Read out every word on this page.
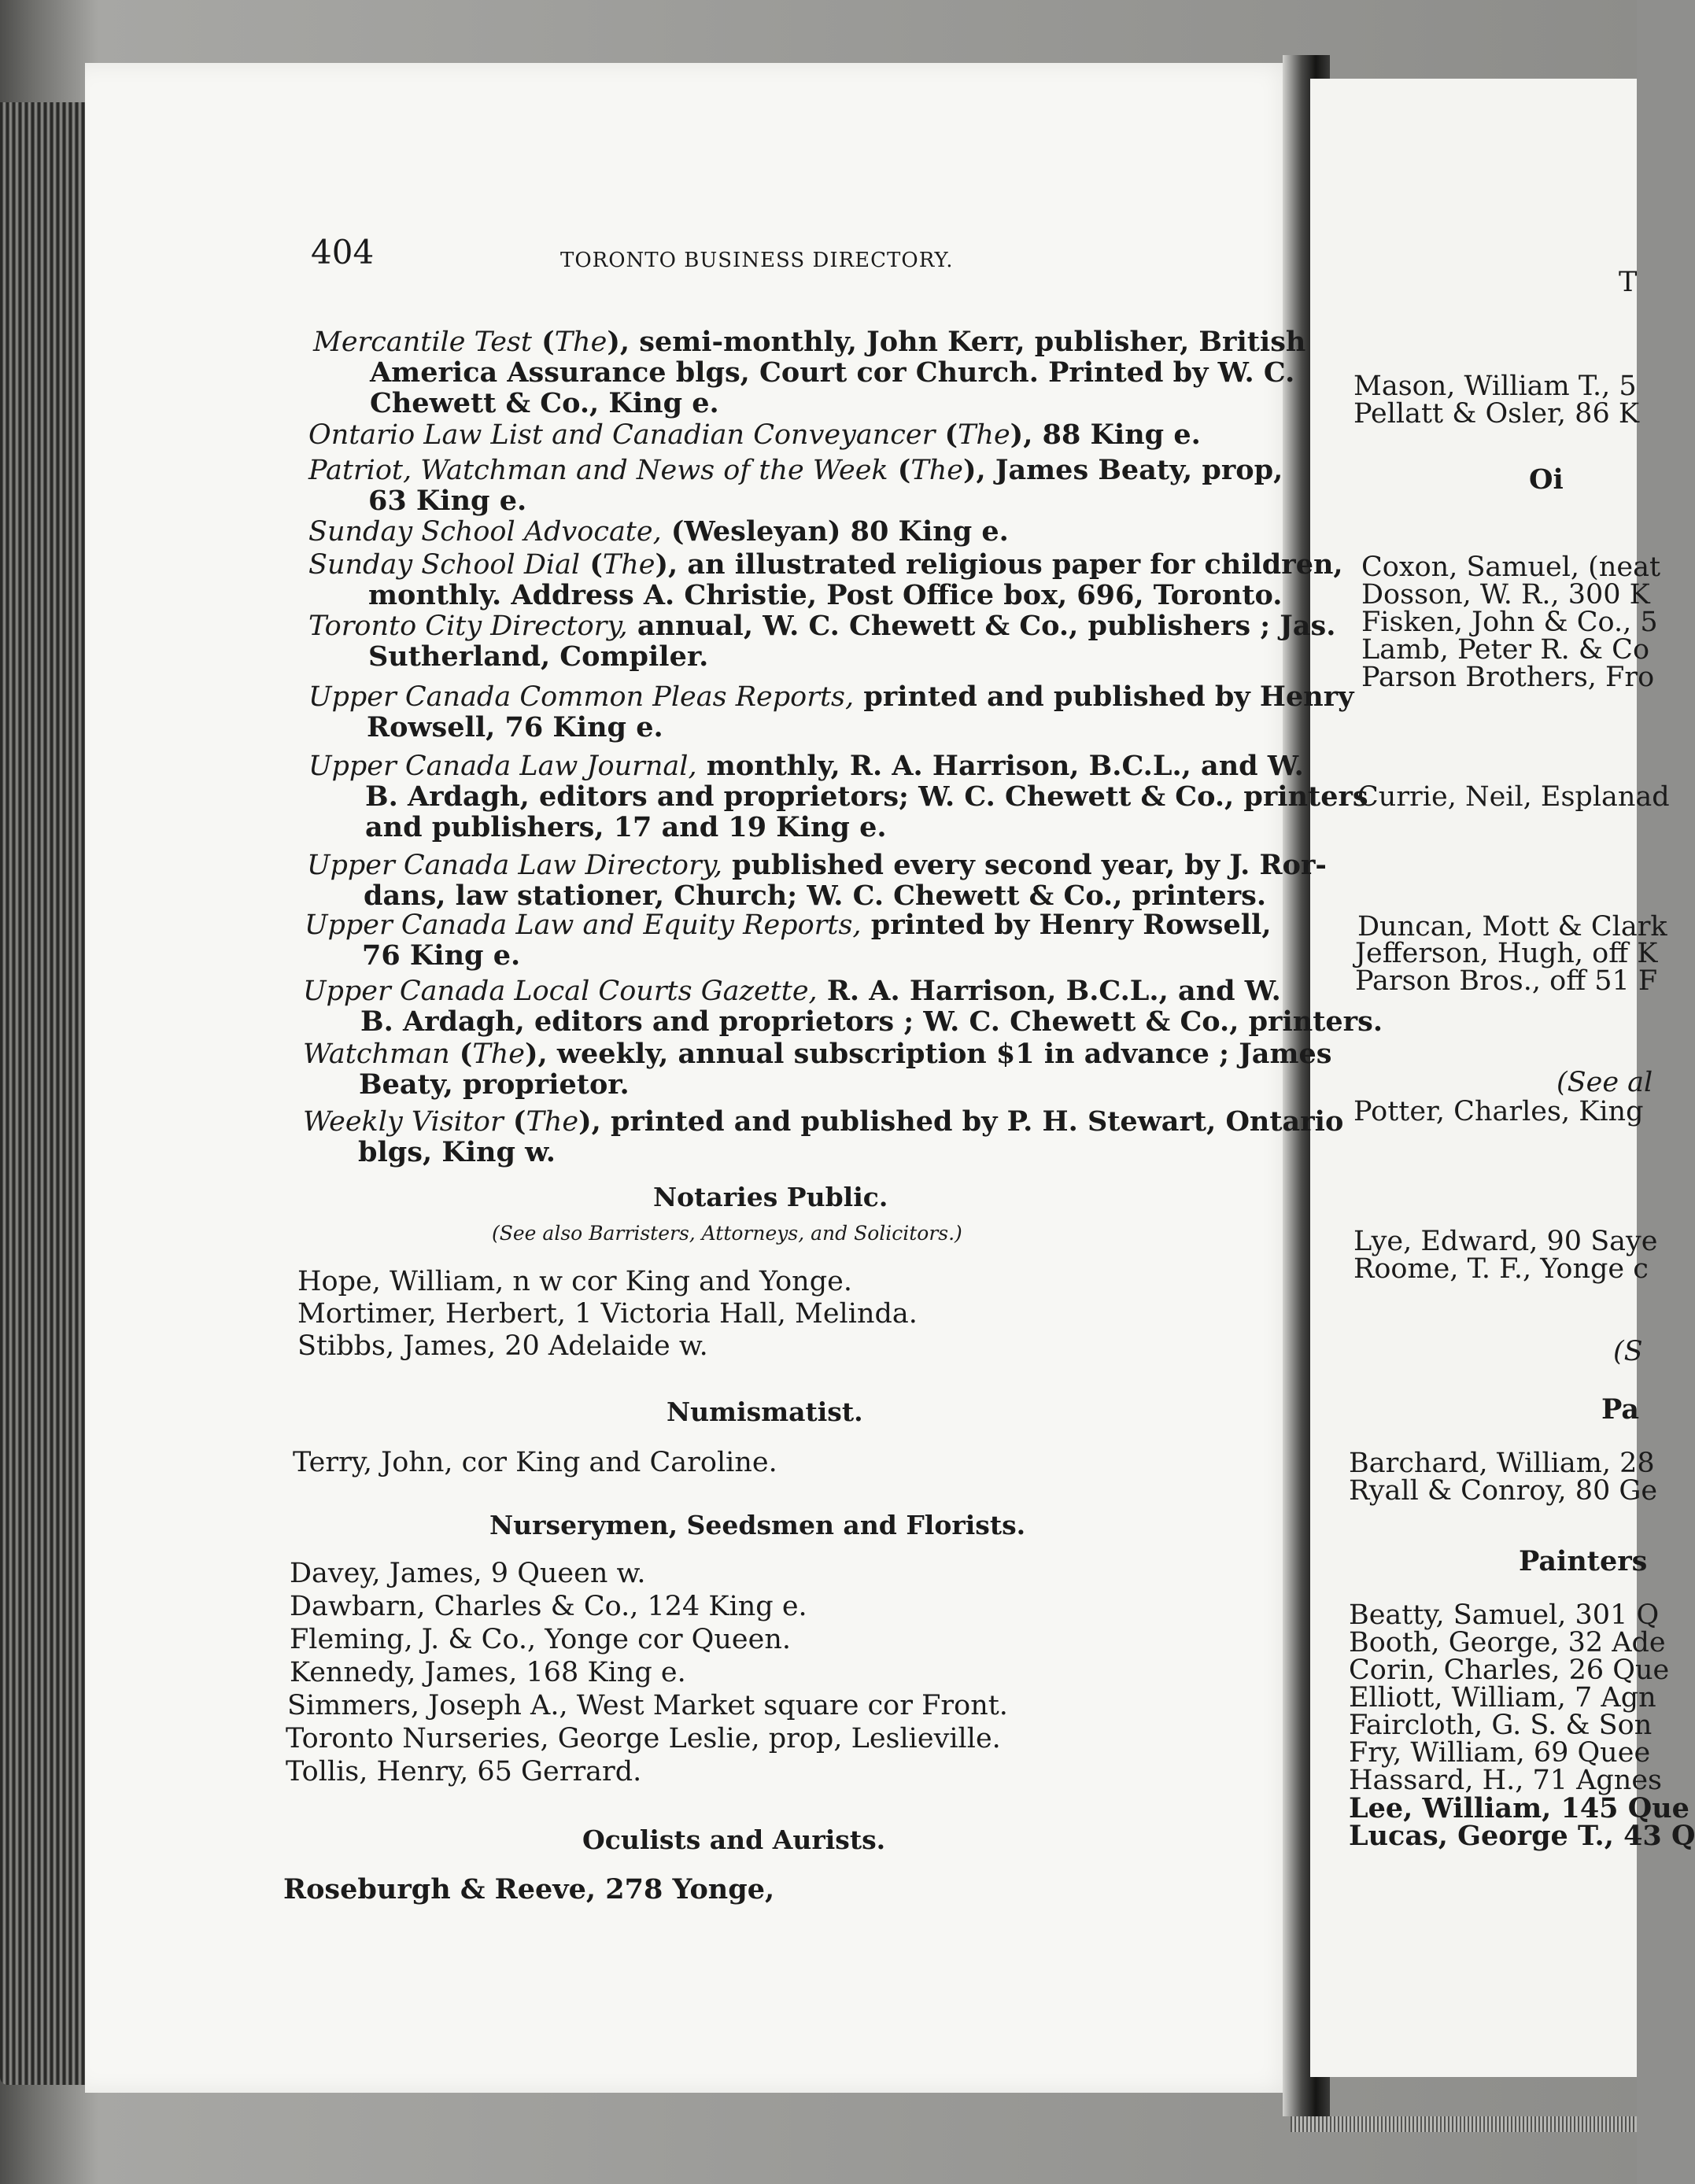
404	TORONTO BUSINESS DIRECTORY.
Mercantile Test (The), semi-monthly, John Kerr, publisher, British
America Assurance blgs, Court cor Church. Printed by W. C.
Chewett & Co., King e.
Ontario Law List and Canadian Conveyancer (The), 88 King e.
Patriot, Watchman and News of the Week (The), James Beaty, prop,
63 King e.
Sunday School Advocate, (Wesleyan) 80 King e.
Sunday School Dial (The), an illustrated religious paper for children,
monthly. Address A. Christie, Post Office box, 696, Toronto.
Toronto City Directory, annual, W. C. Chewett & Co., publishers ; Jas.
Sutherland, Compiler.
Upper Canada Common Pleas Reports, printed and published by Henry
Rowsell, 76 King e.
Upper Canada Law Journal, monthly, R. A. Harrison, B.C.L., and W.
B. Ardagh, editors and proprietors; W. C. Chewett & Co., printers
and publishers, 17 and 19 King e.
Upper Canada Law Directory, published every second year, by J. Ror-
dans, law stationer, Church; W. C. Chewett & Co., printers.
Upper Canada Law and Equity Reports, printed by Henry Rowsell,
76 King e.
Upper Canada Local Courts Gazette, R. A. Harrison, B.C.L., and W.
B. Ardagh, editors and proprietors ; W. C. Chewett & Co., printers.
Watchman (The), weekly, annual subscription $1 in advance ; James
Beaty, proprietor.
Weekly Visitor (The), printed and published by P. H. Stewart, Ontario
blgs, King w.
Notaries Public.
(See also Barristers, Attorneys, and Solicitors.)
Hope, William, n w cor King and Yonge.
Mortimer, Herbert, 1 Victoria Hall, Melinda.
Stibbs, James, 20 Adelaide w.
Numismatist.
Terry, John, cor King and Caroline.
Nurserymen, Seedsmen and Florists.
Davey, James, 9 Queen w.
Dawbarn, Charles & Co., 124 King e.
Fleming, J. & Co., Yonge cor Queen.
Kennedy, James, 168 King e.
Simmers, Joseph A., West Market square cor Front.
Toronto Nurseries, George Leslie, prop, Leslieville.
Tollis, Henry, 65 Gerrard.
Oculists and Aurists.
Roseburgh & Reeve, 278 Yonge,
T
Mason, William T., 5
Pellatt & Osler, 86 K
Oi
Coxon, Samuel, (neat
Dosson, W. R., 300 K
Fisken, John & Co., 5
Lamb, Peter R. & Co
Parson Brothers, Fro
Currie, Neil, Esplanad
Duncan, Mott & Clark
Jefferson, Hugh, off K
Parson Bros., off 51 F
(See al
Potter, Charles, King
Lye, Edward, 90 Saye
Roome, T. F., Yonge c
(S
Pa
Barchard, William, 28
Ryall & Conroy, 80 Ge
Painters
Beatty, Samuel, 301 Q
Booth, George, 32 Ade
Corin, Charles, 26 Que
Elliott, William, 7 Agn
Faircloth, G. S. & Son
Fry, William, 69 Quee
Hassard, H., 71 Agnes
Lee, William, 145 Que
Lucas, George T., 43 Q
